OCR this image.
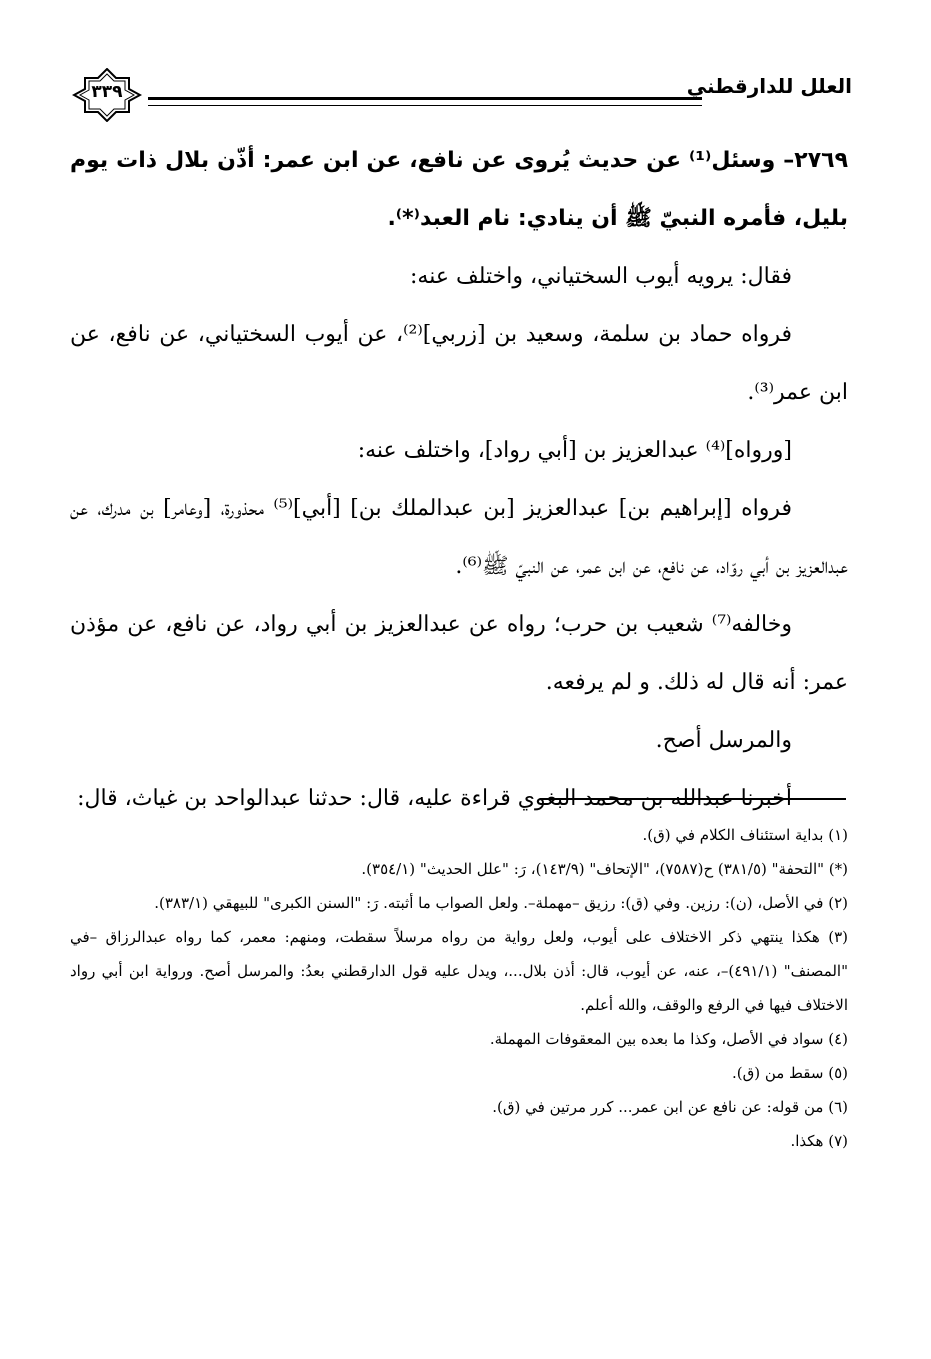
٣٣٩	العلل للدارقطني

٢٧٦٩– وسئل⁽¹⁾ عن حديث يُروى عن نافع، عن ابن عمر: أذّن بلال ذات يوم بليل، فأمره النبيّ ﷺ أن ينادي: نام العبد⁽*⁾.

فقال: يرويه أيوب السختياني، واختلف عنه:

فرواه حماد بن سلمة، وسعيد بن [زربي]⁽²⁾، عن أيوب السختياني، عن نافع، عن ابن عمر⁽³⁾.

[ورواه]⁽⁴⁾ عبدالعزيز بن [أبي رواد]، واختلف عنه:

فرواه [إبراهيم بن] عبدالعزيز [بن عبدالملك بن] [أبي]⁽⁵⁾ محذورة، [وعامر] بن مدرك، عن عبدالعزيز بن أبي روّاد، عن نافع، عن ابن عمر، عن النبيّ ﷺ⁽⁶⁾.

وخالفه⁽⁷⁾ شعيب بن حرب؛ رواه عن عبدالعزيز بن أبي رواد، عن نافع، عن مؤذن عمر: أنه قال له ذلك. و لم يرفعه.

والمرسل أصح.

أخبرنا عبدالله بن محمد البغوي قراءة عليه، قال: حدثنا عبدالواحد بن غياث، قال:

(١) بداية استئناف الكلام في (ق).

(*) "التحفة" (٣٨١/٥) ح(٧٥٨٧)، "الإتحاف" (١٤٣/٩)، رَ: "علل الحديث" (٣٥٤/١).

(٢) في الأصل، (ن): رزين. وفي (ق): رزيق –مهملة–. ولعل الصواب ما أثبته. رَ: "السنن الكبرى" للبيهقي (٣٨٣/١).

(٣) هكذا ينتهي ذكر الاختلاف على أيوب، ولعل رواية من رواه مرسلاً سقطت، ومنهم: معمر، كما رواه عبدالرزاق –في "المصنف" (٤٩١/١)–، عنه، عن أيوب، قال: أذن بلال...، ويدل عليه قول الدارقطني بعدُ: والمرسل أصح. ورواية ابن أبي رواد الاختلاف فيها في الرفع والوقف، والله أعلم.

(٤) سواد في الأصل، وكذا ما بعده بين المعقوفات المهملة.

(٥) سقط من (ق).

(٦) من قوله: عن نافع عن ابن عمر... كرر مرتين في (ق).

(٧) هكذا.
